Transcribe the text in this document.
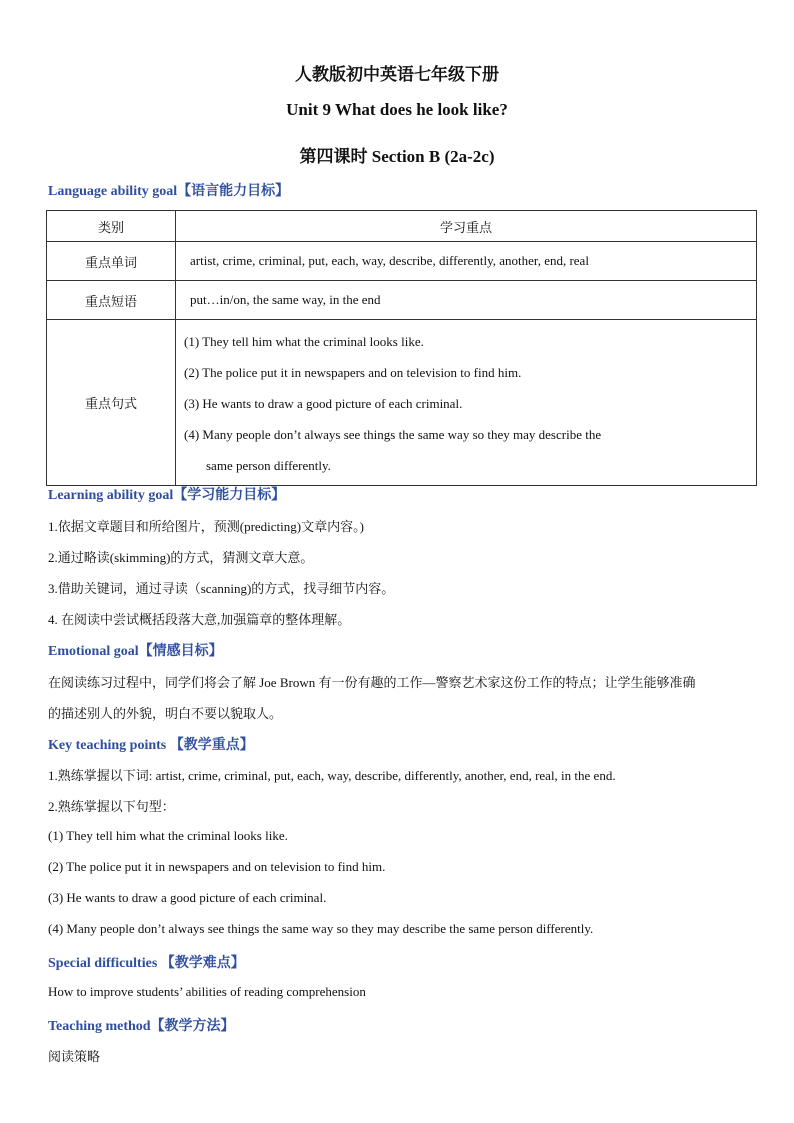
人教版初中英语七年级下册
Unit 9 What does he look like?
第四课时 Section B (2a-2c)
Language ability goal【语言能力目标】
类别	学习重点
重点单词	artist, crime, criminal, put, each, way, describe, differently, another, end, real

重点短语	put…in/on, the same way, in the end

重点句式	(1) They tell him what the criminal looks like.
(2) The police put it in newspapers and on television to find him.
(3) He wants to draw a good picture of each criminal.
(4) Many people don’t always see things the same way so they may describe the
same person differently.
Learning ability goal【学习能力目标】
1.依据文章题目和所给图片，预测(predicting)文章内容。)
2.通过略读(skimming)的方式，猜测文章大意。
3.借助关键词，通过寻读（scanning)的方式，找寻细节内容。
4. 在阅读中尝试概括段落大意,加强篇章的整体理解。
Emotional goal【情感目标】
在阅读练习过程中，同学们将会了解 Joe Brown 有一份有趣的工作—警察艺术家这份工作的特点；让学生能够准确
的描述别人的外貌，明白不要以貌取人。
Key teaching points 【教学重点】
1.熟练掌握以下词: artist, crime, criminal, put, each, way, describe, differently, another, end, real, in the end.
2.熟练掌握以下句型：
(1) They tell him what the criminal looks like.
(2) The police put it in newspapers and on television to find him.
(3) He wants to draw a good picture of each criminal.
(4) Many people don’t always see things the same way so they may describe the same person differently.
Special difficulties 【教学难点】
How to improve students’ abilities of reading comprehension
Teaching method【教学方法】
阅读策略
